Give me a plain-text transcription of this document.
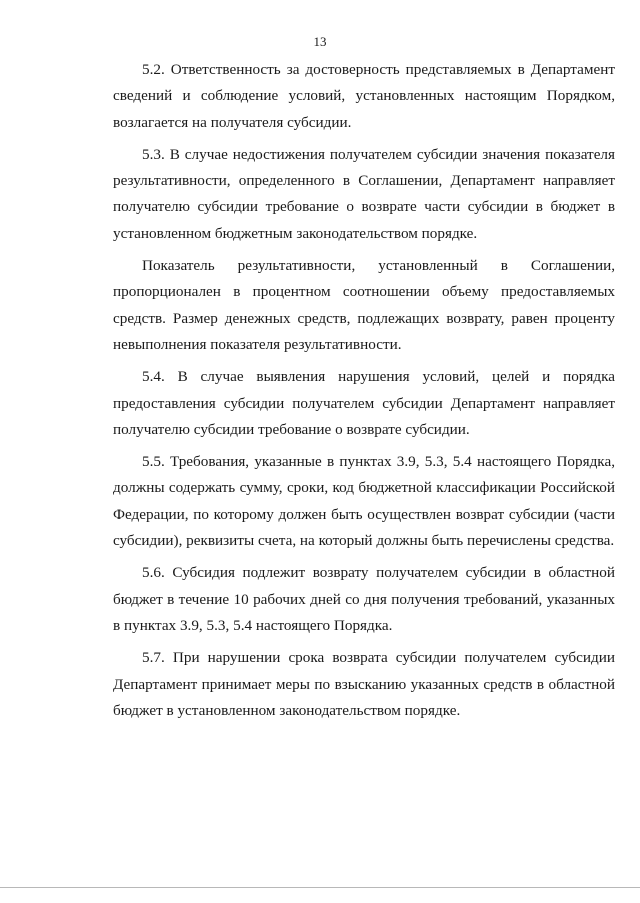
13

5.2. Ответственность за достоверность представляемых в Департамент сведений и соблюдение условий, установленных настоящим Порядком, возлагается на получателя субсидии.

5.3. В случае недостижения получателем субсидии значения показателя результативности, определенного в Соглашении, Департамент направляет получателю субсидии требование о возврате части субсидии в бюджет в установленном бюджетным законодательством порядке.

Показатель результативности, установленный в Соглашении, пропорционален в процентном соотношении объему предоставляемых средств. Размер денежных средств, подлежащих возврату, равен проценту невыполнения показателя результативности.

5.4. В случае выявления нарушения условий, целей и порядка предоставления субсидии получателем субсидии Департамент направляет получателю субсидии требование о возврате субсидии.

5.5. Требования, указанные в пунктах 3.9, 5.3, 5.4 настоящего Порядка, должны содержать сумму, сроки, код бюджетной классификации Российской Федерации, по которому должен быть осуществлен возврат субсидии (части субсидии), реквизиты счета, на который должны быть перечислены средства.

5.6. Субсидия подлежит возврату получателем субсидии в областной бюджет в течение 10 рабочих дней со дня получения требований, указанных в пунктах 3.9, 5.3, 5.4 настоящего Порядка.

5.7. При нарушении срока возврата субсидии получателем субсидии Департамент принимает меры по взысканию указанных средств в областной бюджет в установленном законодательством порядке.
